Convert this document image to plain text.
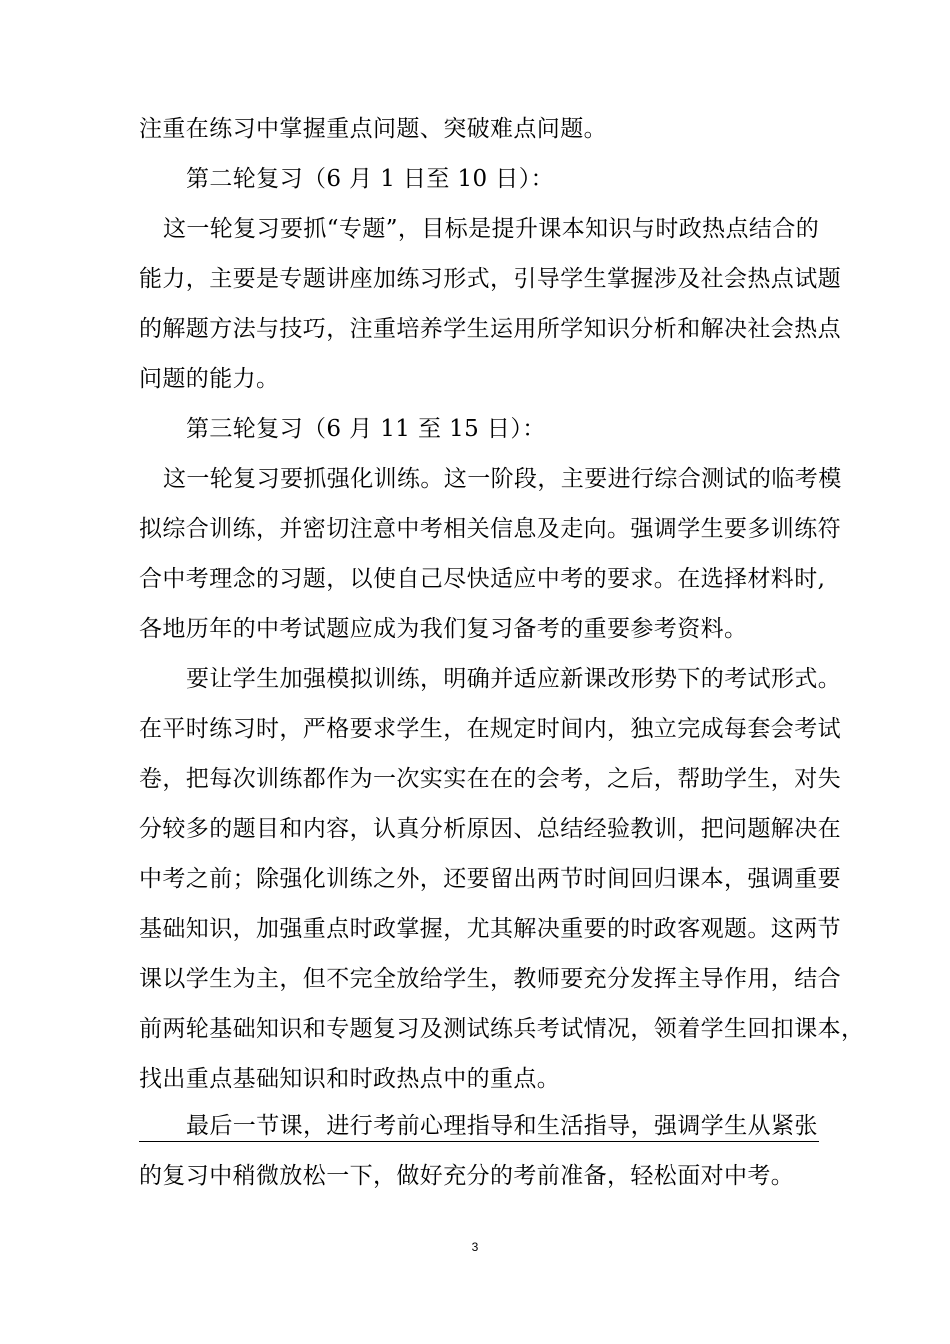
注重在练习中掌握重点问题、突破难点问题。
第二轮复习（6 月 1 日至 10 日）：
这一轮复习要抓“专题”，目标是提升课本知识与时政热点结合的
能力，主要是专题讲座加练习形式，引导学生掌握涉及社会热点试题
的解题方法与技巧，注重培养学生运用所学知识分析和解决社会热点
问题的能力。
第三轮复习（6 月 11 至 15 日）：
这一轮复习要抓强化训练。这一阶段，主要进行综合测试的临考模
拟综合训练，并密切注意中考相关信息及走向。强调学生要多训练符
合中考理念的习题，以使自己尽快适应中考的要求。在选择材料时,
各地历年的中考试题应成为我们复习备考的重要参考资料。
要让学生加强模拟训练，明确并适应新课改形势下的考试形式。
在平时练习时，严格要求学生，在规定时间内，独立完成每套会考试
卷，把每次训练都作为一次实实在在的会考，之后，帮助学生，对失
分较多的题目和内容，认真分析原因、总结经验教训，把问题解决在
中考之前；除强化训练之外，还要留出两节时间回归课本，强调重要
基础知识，加强重点时政掌握，尤其解决重要的时政客观题。这两节
课以学生为主，但不完全放给学生，教师要充分发挥主导作用，结合
前两轮基础知识和专题复习及测试练兵考试情况，领着学生回扣课本，
找出重点基础知识和时政热点中的重点。
最后一节课，进行考前心理指导和生活指导，强调学生从紧张
的复习中稍微放松一下，做好充分的考前准备，轻松面对中考。
3
